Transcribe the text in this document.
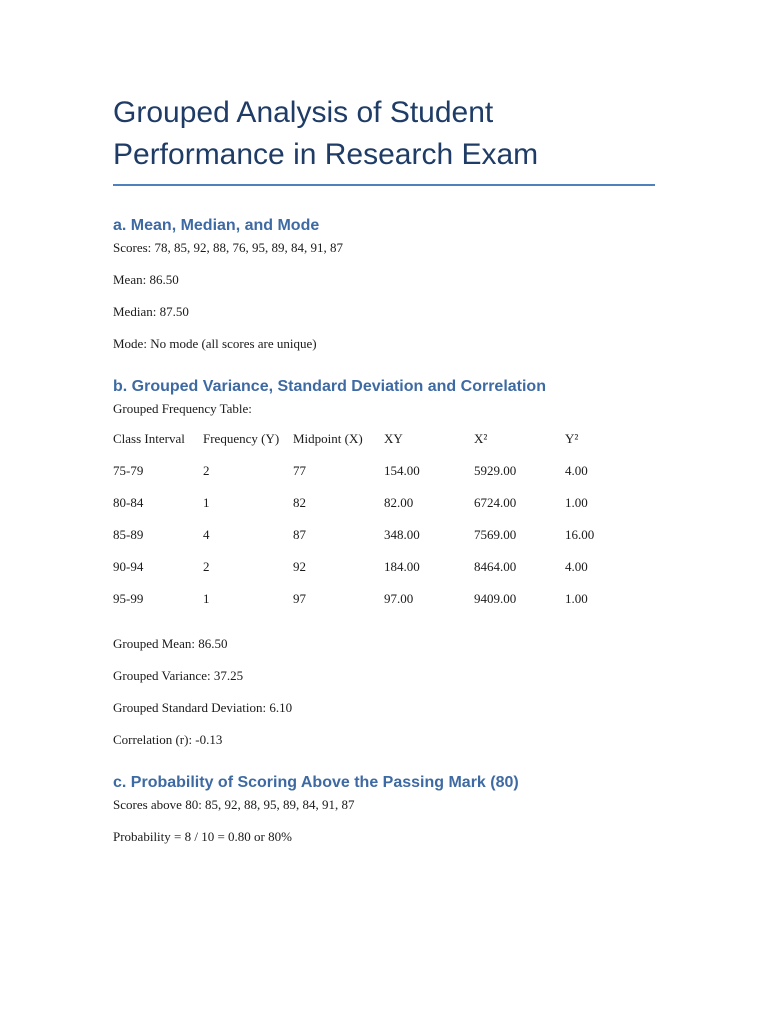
Grouped Analysis of Student Performance in Research Exam
a. Mean, Median, and Mode

Scores: 78, 85, 92, 88, 76, 95, 89, 84, 91, 87

Mean: 86.50

Median: 87.50

Mode: No mode (all scores are unique)

b. Grouped Variance, Standard Deviation and Correlation

Grouped Frequency Table:

Class Interval	Frequency (Y)	Midpoint (X)	XY	X²	Y²
75-79	2	77	154.00	5929.00	4.00
80-84	1	82	82.00	6724.00	1.00
85-89	4	87	348.00	7569.00	16.00
90-94	2	92	184.00	8464.00	4.00
95-99	1	97	97.00	9409.00	1.00

Grouped Mean: 86.50

Grouped Variance: 37.25

Grouped Standard Deviation: 6.10

Correlation (r): -0.13

c. Probability of Scoring Above the Passing Mark (80)

Scores above 80: 85, 92, 88, 95, 89, 84, 91, 87

Probability = 8 / 10 = 0.80 or 80%
